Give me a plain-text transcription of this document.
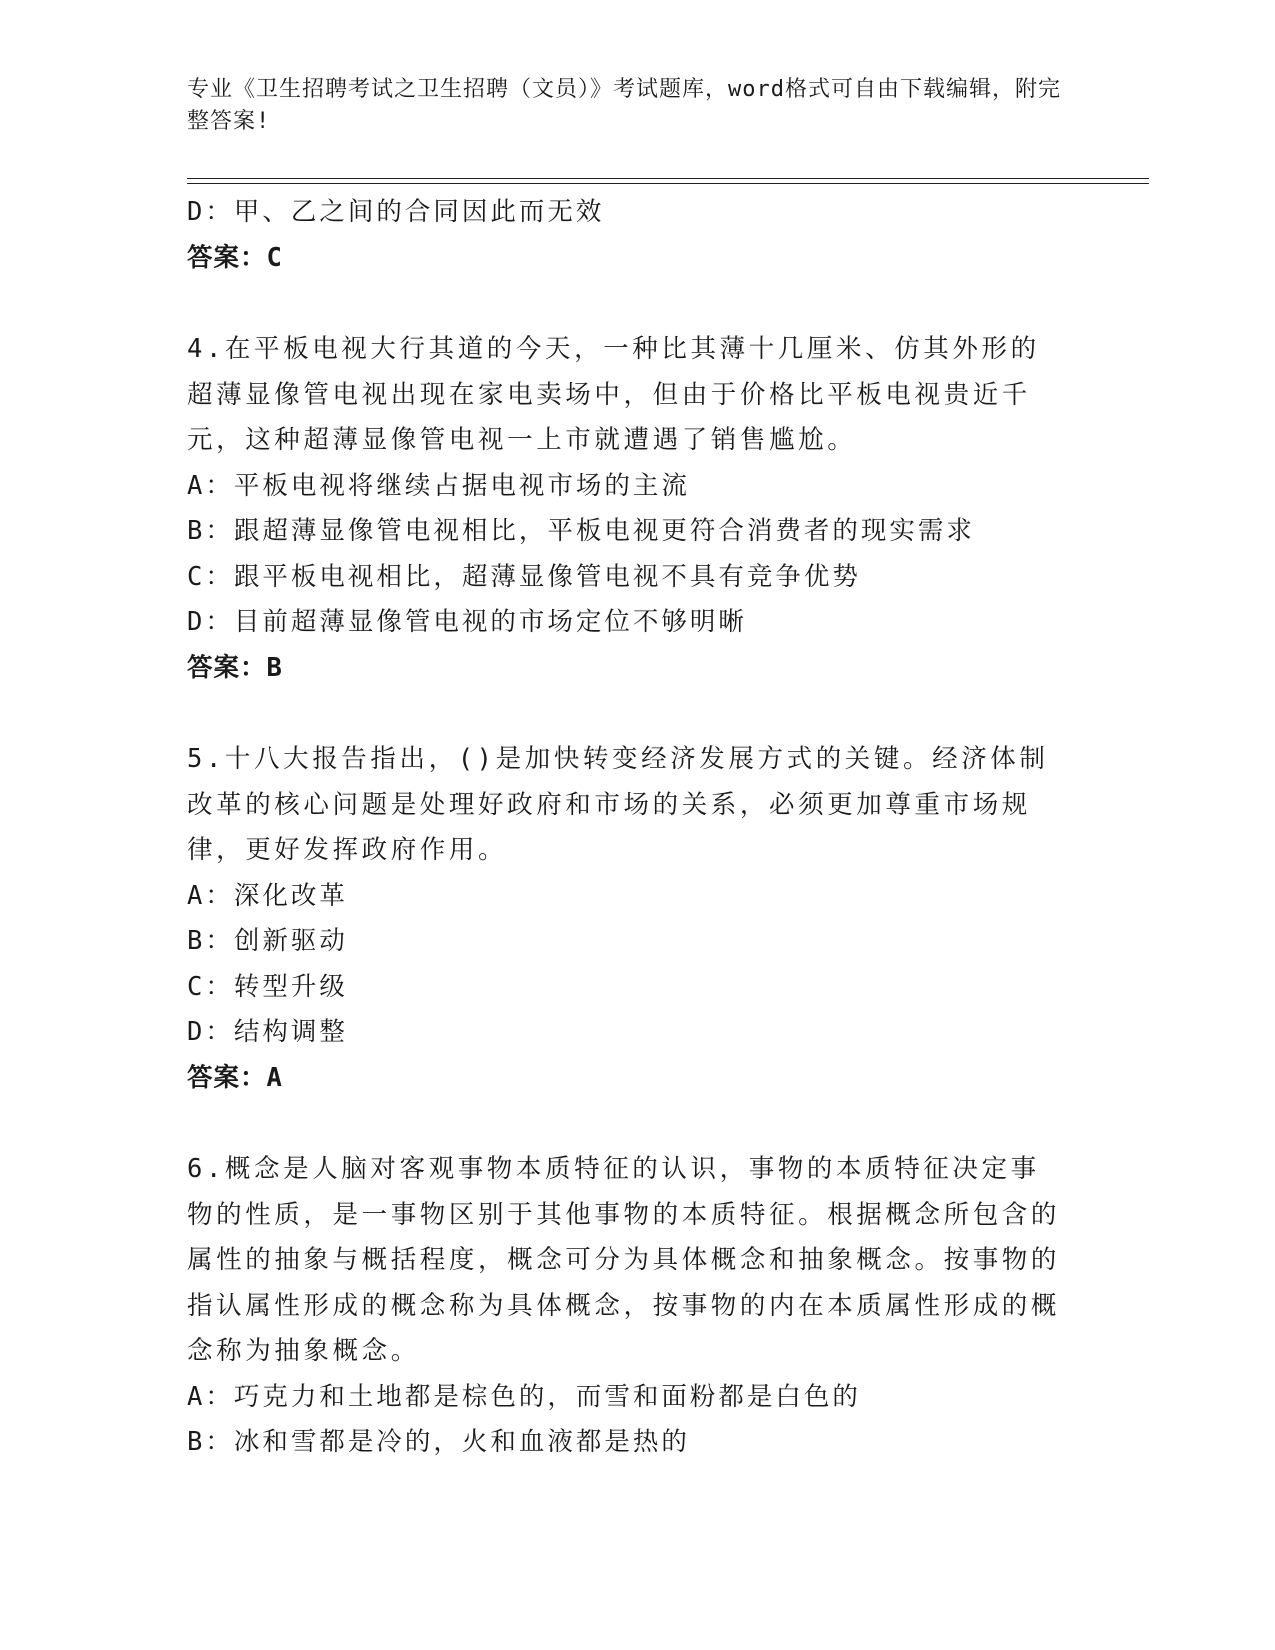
专业《卫生招聘考试之卫生招聘（文员）》考试题库，word格式可自由下载编辑，附完整答案!
D：甲、乙之间的合同因此而无效
答案：C
4.在平板电视大行其道的今天，一种比其薄十几厘米、仿其外形的超薄显像管电视出现在家电卖场中，但由于价格比平板电视贵近千元，这种超薄显像管电视一上市就遭遇了销售尴尬。
A：平板电视将继续占据电视市场的主流
B：跟超薄显像管电视相比，平板电视更符合消费者的现实需求
C：跟平板电视相比，超薄显像管电视不具有竞争优势
D：目前超薄显像管电视的市场定位不够明晰
答案：B
5.十八大报告指出，()是加快转变经济发展方式的关键。经济体制改革的核心问题是处理好政府和市场的关系，必须更加尊重市场规律，更好发挥政府作用。
A：深化改革
B：创新驱动
C：转型升级
D：结构调整
答案：A
6.概念是人脑对客观事物本质特征的认识，事物的本质特征决定事物的性质，是一事物区别于其他事物的本质特征。根据概念所包含的属性的抽象与概括程度，概念可分为具体概念和抽象概念。按事物的指认属性形成的概念称为具体概念，按事物的内在本质属性形成的概念称为抽象概念。
A：巧克力和土地都是棕色的，而雪和面粉都是白色的
B：冰和雪都是冷的，火和血液都是热的
